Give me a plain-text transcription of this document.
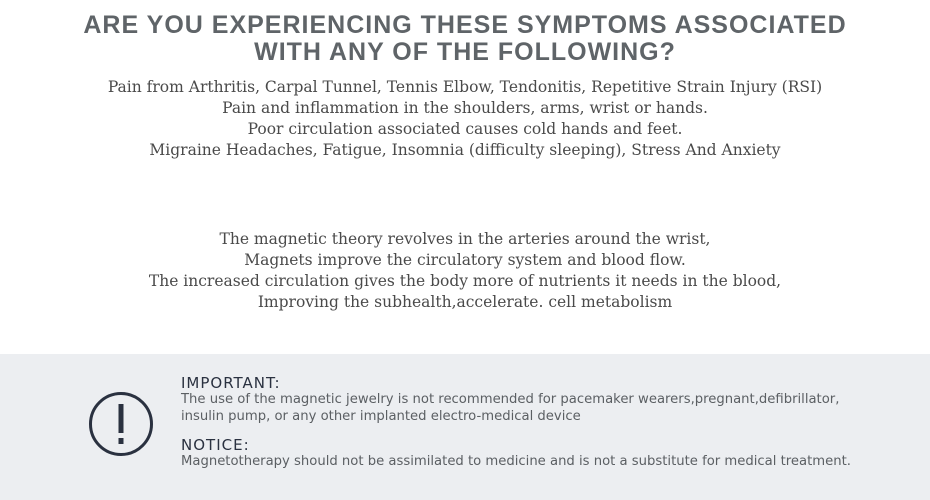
ARE YOU EXPERIENCING THESE SYMPTOMS ASSOCIATED
WITH ANY OF THE FOLLOWING?
Pain from Arthritis, Carpal Tunnel, Tennis Elbow, Tendonitis, Repetitive Strain Injury (RSI)
Pain and inflammation in the shoulders, arms, wrist or hands.
Poor circulation associated causes cold hands and feet.
Migraine Headaches, Fatigue, Insomnia (difficulty sleeping), Stress And Anxiety
The magnetic theory revolves in the arteries around the wrist,
Magnets improve the circulatory system and blood flow.
The increased circulation gives the body more of nutrients it needs in the blood,
Improving the subhealth,accelerate. cell metabolism

IMPORTANT:

The use of the magnetic jewelry is not recommended for pacemaker wearers,pregnant,defibrillator,

insulin pump, or any other implanted electro-medical device

NOTICE:

Magnetotherapy should not be assimilated to medicine and is not a substitute for medical treatment.
